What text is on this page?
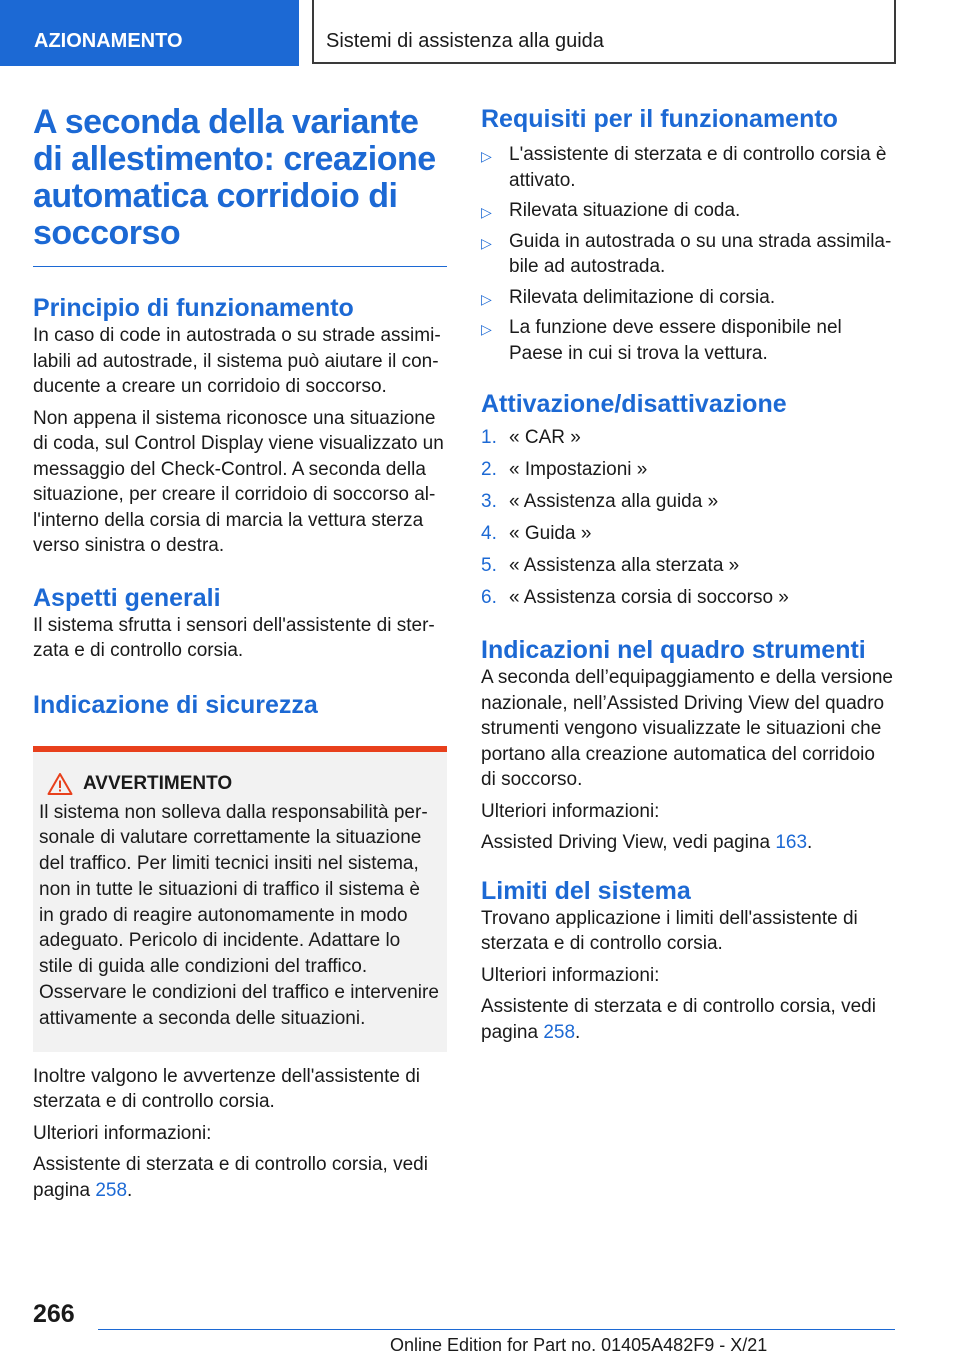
AZIONAMENTO	Sistemi di assistenza alla guida
A seconda della variante di allestimento: creazione automatica corridoio di soccorso
Principio di funzionamento

In caso di code in autostrada o su strade assimilabili ad autostrade, il sistema può aiutare il conducente a creare un corridoio di soccorso.

Non appena il sistema riconosce una situazione di coda, sul Control Display viene visualizzato un messaggio del Check-Control. A seconda della situazione, per creare il corridoio di soccorso all'interno della corsia di marcia la vettura sterza verso sinistra o destra.

Aspetti generali

Il sistema sfrutta i sensori dell'assistente di sterzata e di controllo corsia.

Indicazione di sicurezza
AVVERTIMENTO

Il sistema non solleva dalla responsabilità personale di valutare correttamente la situazione del traffico. Per limiti tecnici insiti nel sistema, non in tutte le situazioni di traffico il sistema è in grado di reagire autonomamente in modo adeguato. Pericolo di incidente. Adattare lo stile di guida alle condizioni del traffico. Osservare le condizioni del traffico e intervenire attivamente a seconda delle situazioni.

Inoltre valgono le avvertenze dell'assistente di sterzata e di controllo corsia.

Ulteriori informazioni:

Assistente di sterzata e di controllo corsia, vedi pagina 258.

Requisiti per il funzionamento
▷ L'assistente di sterzata e di controllo corsia è attivato.
▷ Rilevata situazione di coda.
▷ Guida in autostrada o su una strada assimilabile ad autostrada.
▷ Rilevata delimitazione di corsia.
▷ La funzione deve essere disponibile nel Paese in cui si trova la vettura.
Attivazione/disattivazione
1. « CAR »
2. « Impostazioni »
3. « Assistenza alla guida »
4. « Guida »
5. « Assistenza alla sterzata »
6. « Assistenza corsia di soccorso »
Indicazioni nel quadro strumenti

A seconda dell’equipaggiamento e della versione nazionale, nell’Assisted Driving View del quadro strumenti vengono visualizzate le situazioni che portano alla creazione automatica del corridoio di soccorso.

Ulteriori informazioni:

Assisted Driving View, vedi pagina 163.

Limiti del sistema

Trovano applicazione i limiti dell'assistente di sterzata e di controllo corsia.

Ulteriori informazioni:

Assistente di sterzata e di controllo corsia, vedi pagina 258.

266
Online Edition for Part no. 01405A482F9 - X/21
